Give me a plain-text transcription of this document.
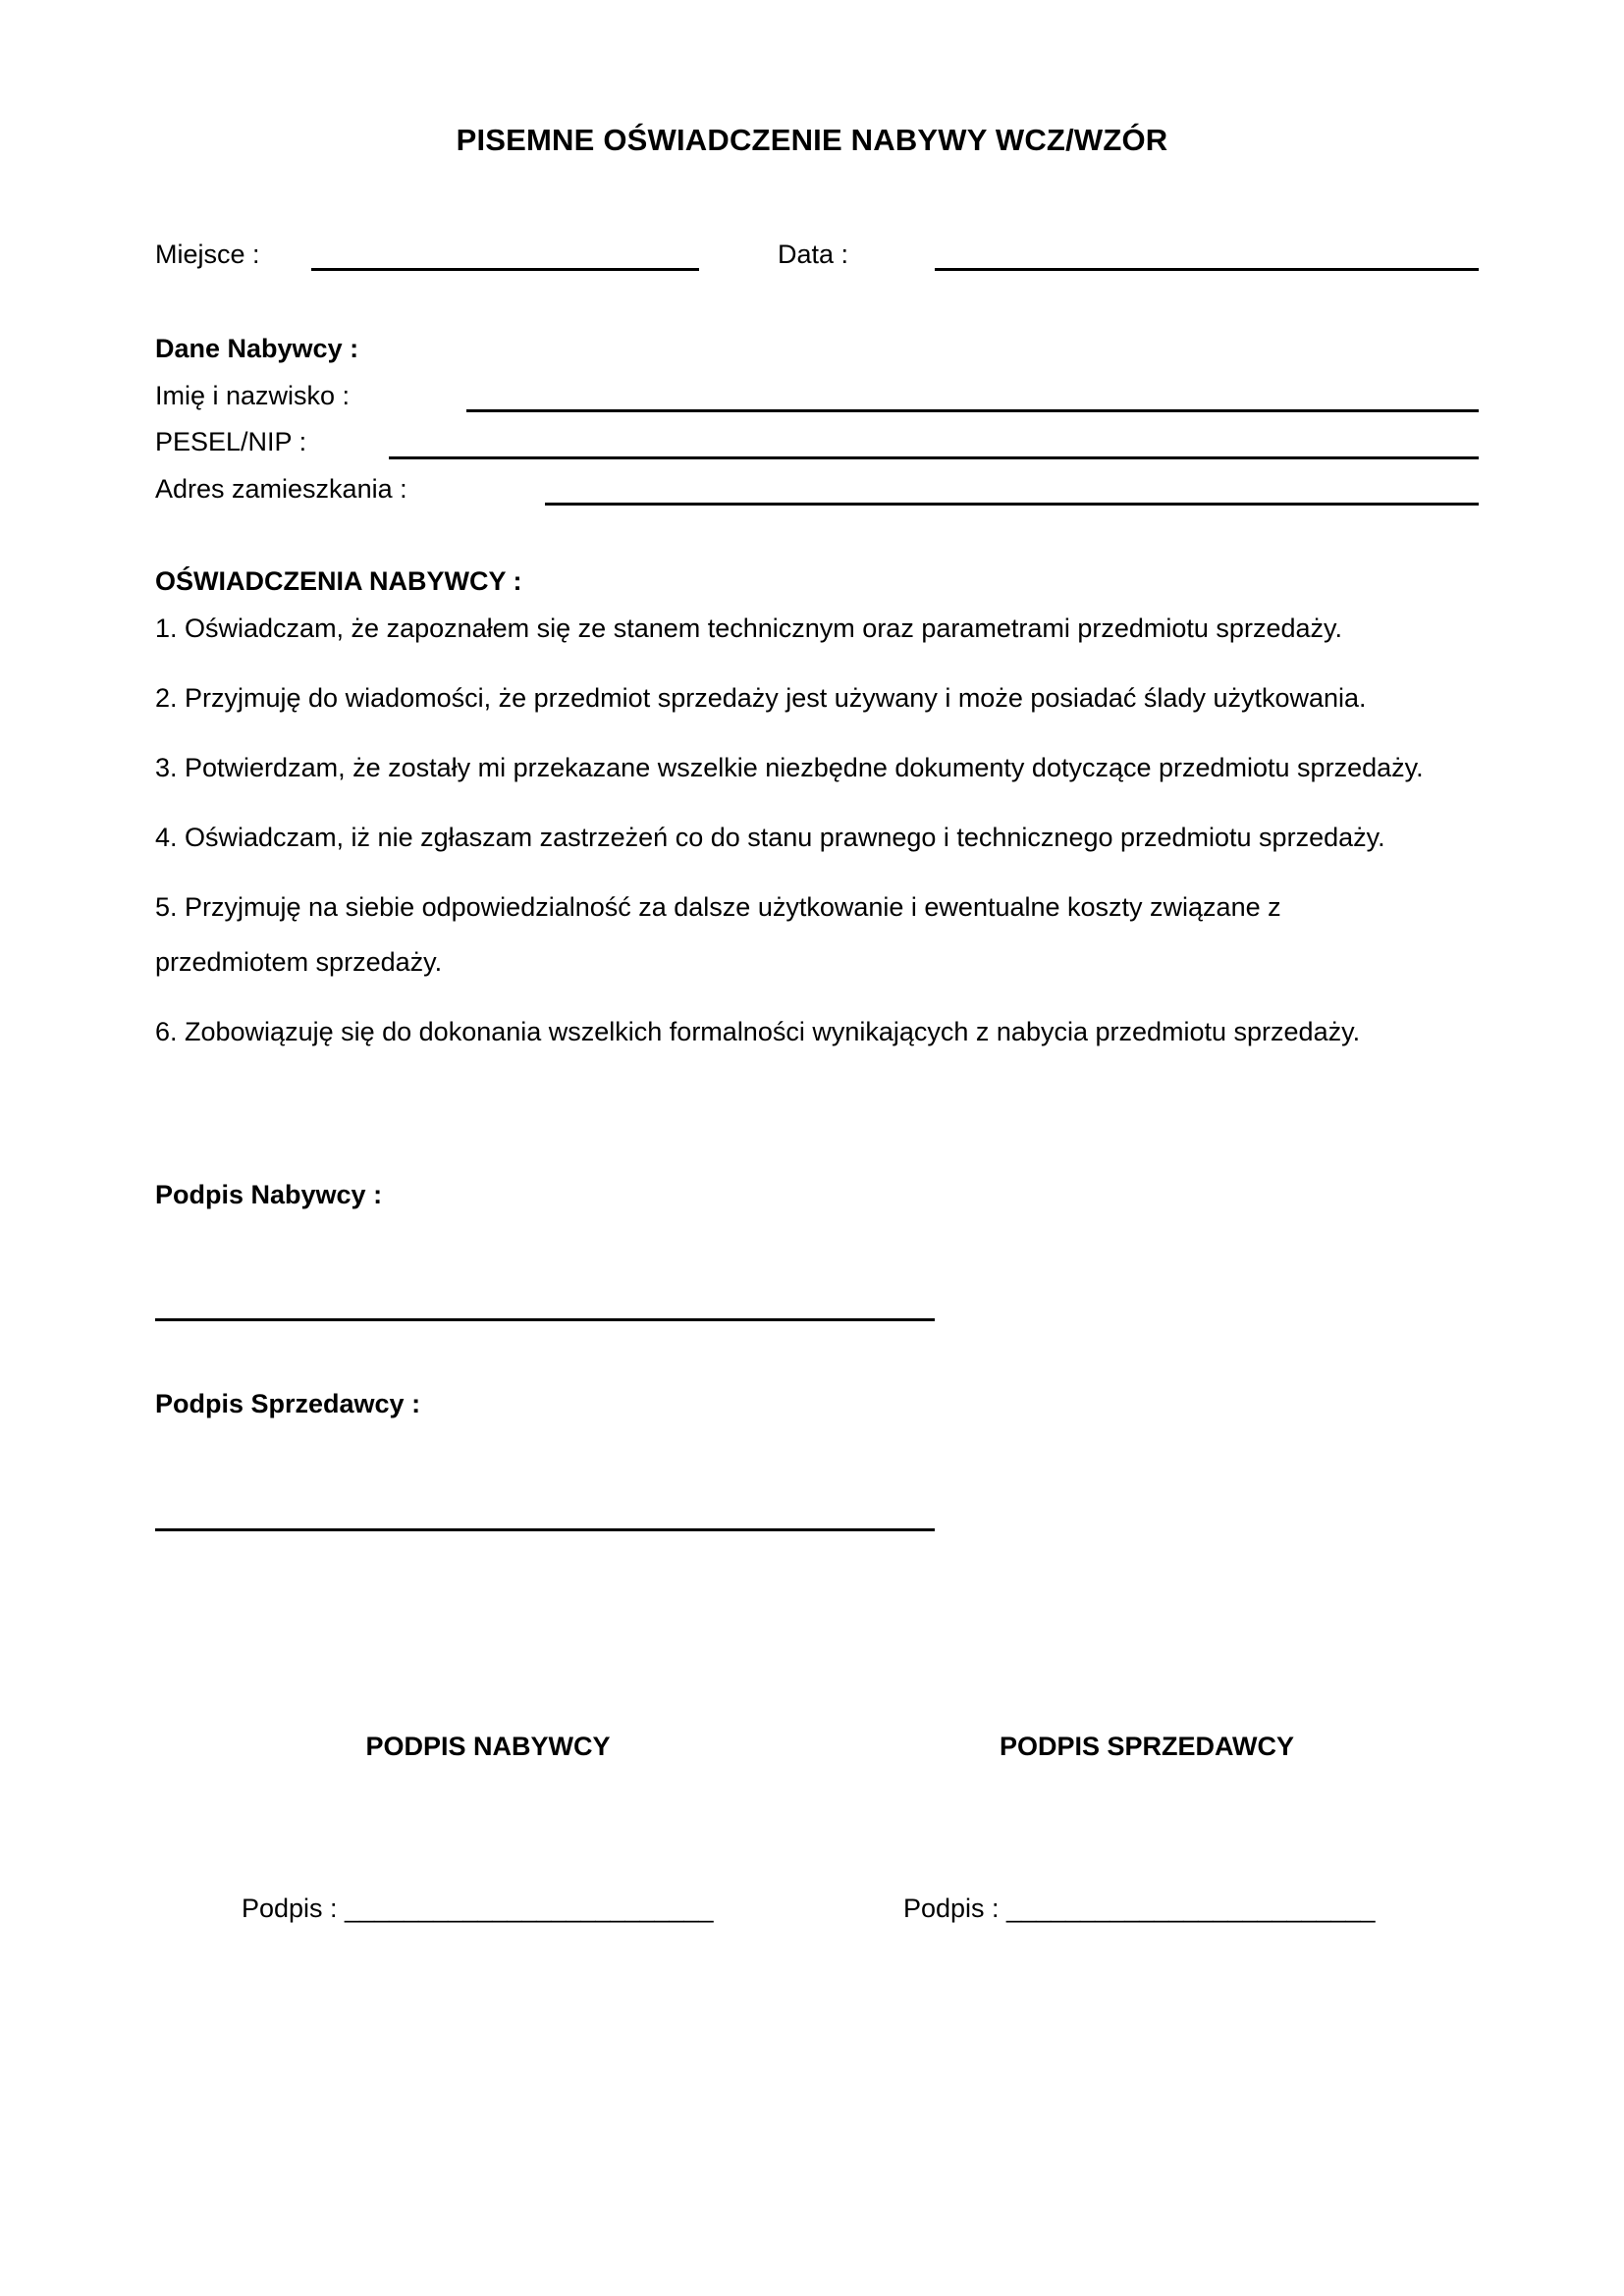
PISEMNE OŚWIADCZENIE NABYWY WCZ/WZÓR
Miejsce :	Data :
Dane Nabywcy :
Imię i nazwisko :
PESEL/NIP :
Adres zamieszkania :
OŚWIADCZENIA NABYWCY :
1. Oświadczam, że zapoznałem się ze stanem technicznym oraz parametrami przedmiotu sprzedaży.
2. Przyjmuję do wiadomości, że przedmiot sprzedaży jest używany i może posiadać ślady użytkowania.
3. Potwierdzam, że zostały mi przekazane wszelkie niezbędne dokumenty dotyczące przedmiotu sprzedaży.
4. Oświadczam, iż nie zgłaszam zastrzeżeń co do stanu prawnego i technicznego przedmiotu sprzedaży.
5. Przyjmuję na siebie odpowiedzialność za dalsze użytkowanie i ewentualne koszty związane z przedmiotem sprzedaży.
6. Zobowiązuję się do dokonania wszelkich formalności wynikających z nabycia przedmiotu sprzedaży.
Podpis Nabywcy :
Podpis Sprzedawcy :
PODPIS NABYWCY	PODPIS SPRZEDAWCY
Podpis : _________________________	Podpis : _________________________
